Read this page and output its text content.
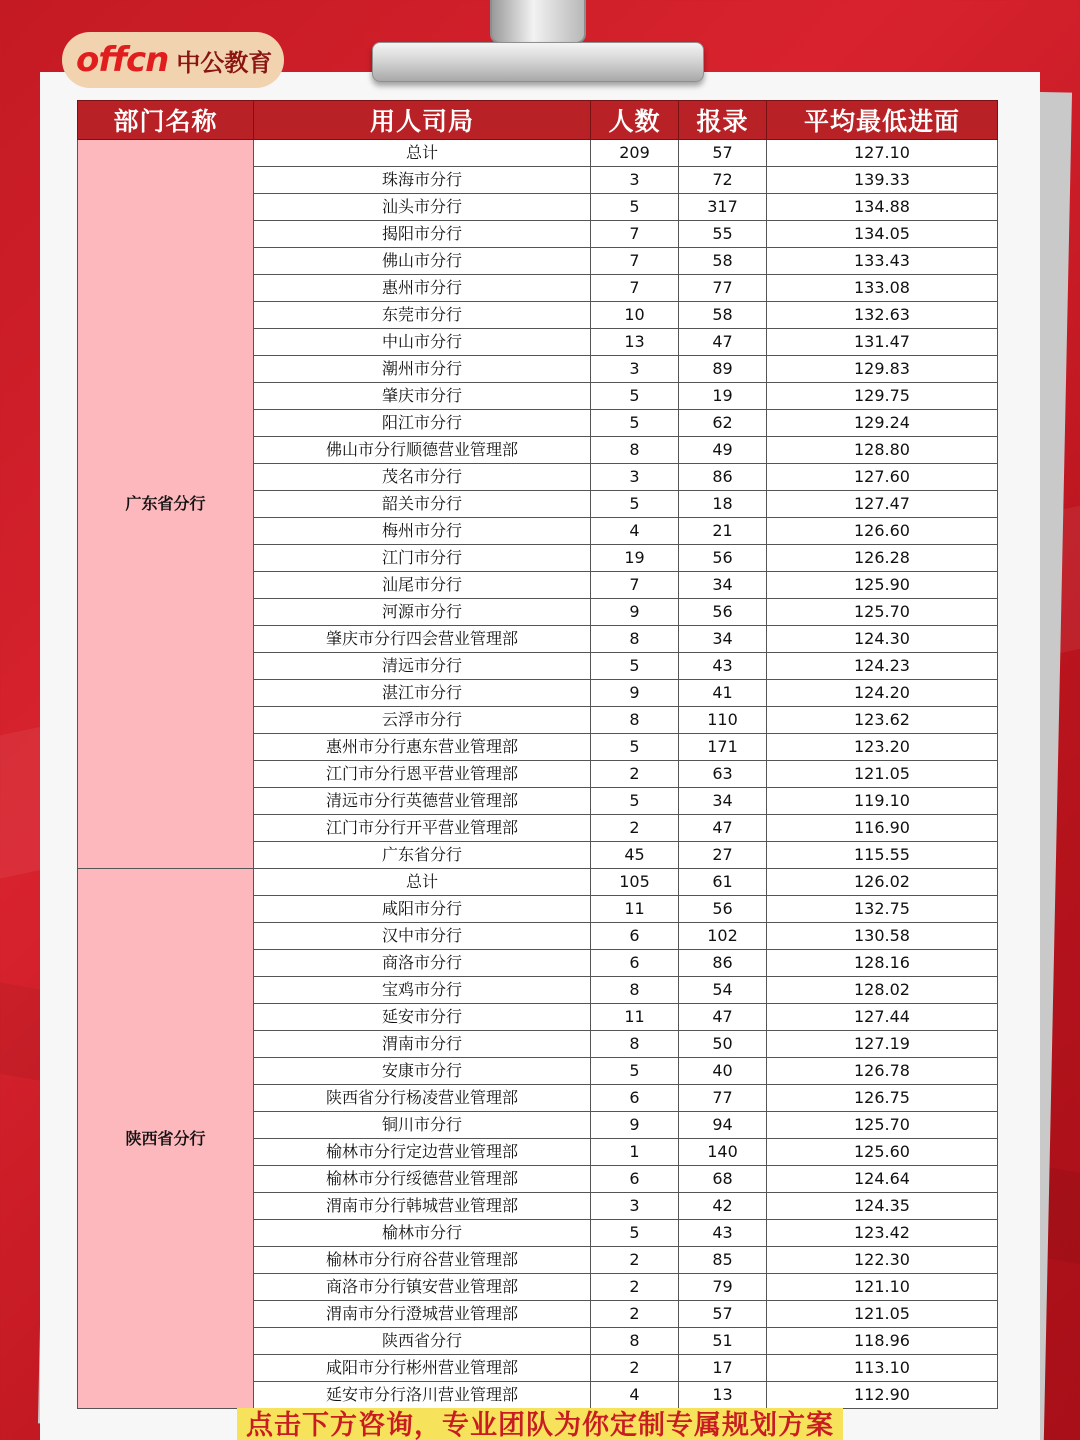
offcn 中公教育
部门名称	用人司局	人数	报录	平均最低进面
广东省分行	总计	209	57	127.10
	珠海市分行	3	72	139.33
	汕头市分行	5	317	134.88
	揭阳市分行	7	55	134.05
	佛山市分行	7	58	133.43
	惠州市分行	7	77	133.08
	东莞市分行	10	58	132.63
	中山市分行	13	47	131.47
	潮州市分行	3	89	129.83
	肇庆市分行	5	19	129.75
	阳江市分行	5	62	129.24
	佛山市分行顺德营业管理部	8	49	128.80
	茂名市分行	3	86	127.60
	韶关市分行	5	18	127.47
	梅州市分行	4	21	126.60
	江门市分行	19	56	126.28
	汕尾市分行	7	34	125.90
	河源市分行	9	56	125.70
	肇庆市分行四会营业管理部	8	34	124.30
	清远市分行	5	43	124.23
	湛江市分行	9	41	124.20
	云浮市分行	8	110	123.62
	惠州市分行惠东营业管理部	5	171	123.20
	江门市分行恩平营业管理部	2	63	121.05
	清远市分行英德营业管理部	5	34	119.10
	江门市分行开平营业管理部	2	47	116.90
	广东省分行	45	27	115.55
陕西省分行	总计	105	61	126.02
	咸阳市分行	11	56	132.75
	汉中市分行	6	102	130.58
	商洛市分行	6	86	128.16
	宝鸡市分行	8	54	128.02
	延安市分行	11	47	127.44
	渭南市分行	8	50	127.19
	安康市分行	5	40	126.78
	陕西省分行杨凌营业管理部	6	77	126.75
	铜川市分行	9	94	125.70
	榆林市分行定边营业管理部	1	140	125.60
	榆林市分行绥德营业管理部	6	68	124.64
	渭南市分行韩城营业管理部	3	42	124.35
	榆林市分行	5	43	123.42
	榆林市分行府谷营业管理部	2	85	122.30
	商洛市分行镇安营业管理部	2	79	121.10
	渭南市分行澄城营业管理部	2	57	121.05
	陕西省分行	8	51	118.96
	咸阳市分行彬州营业管理部	2	17	113.10
	延安市分行洛川营业管理部	4	13	112.90
点击下方咨询，专业团队为你定制专属规划方案
